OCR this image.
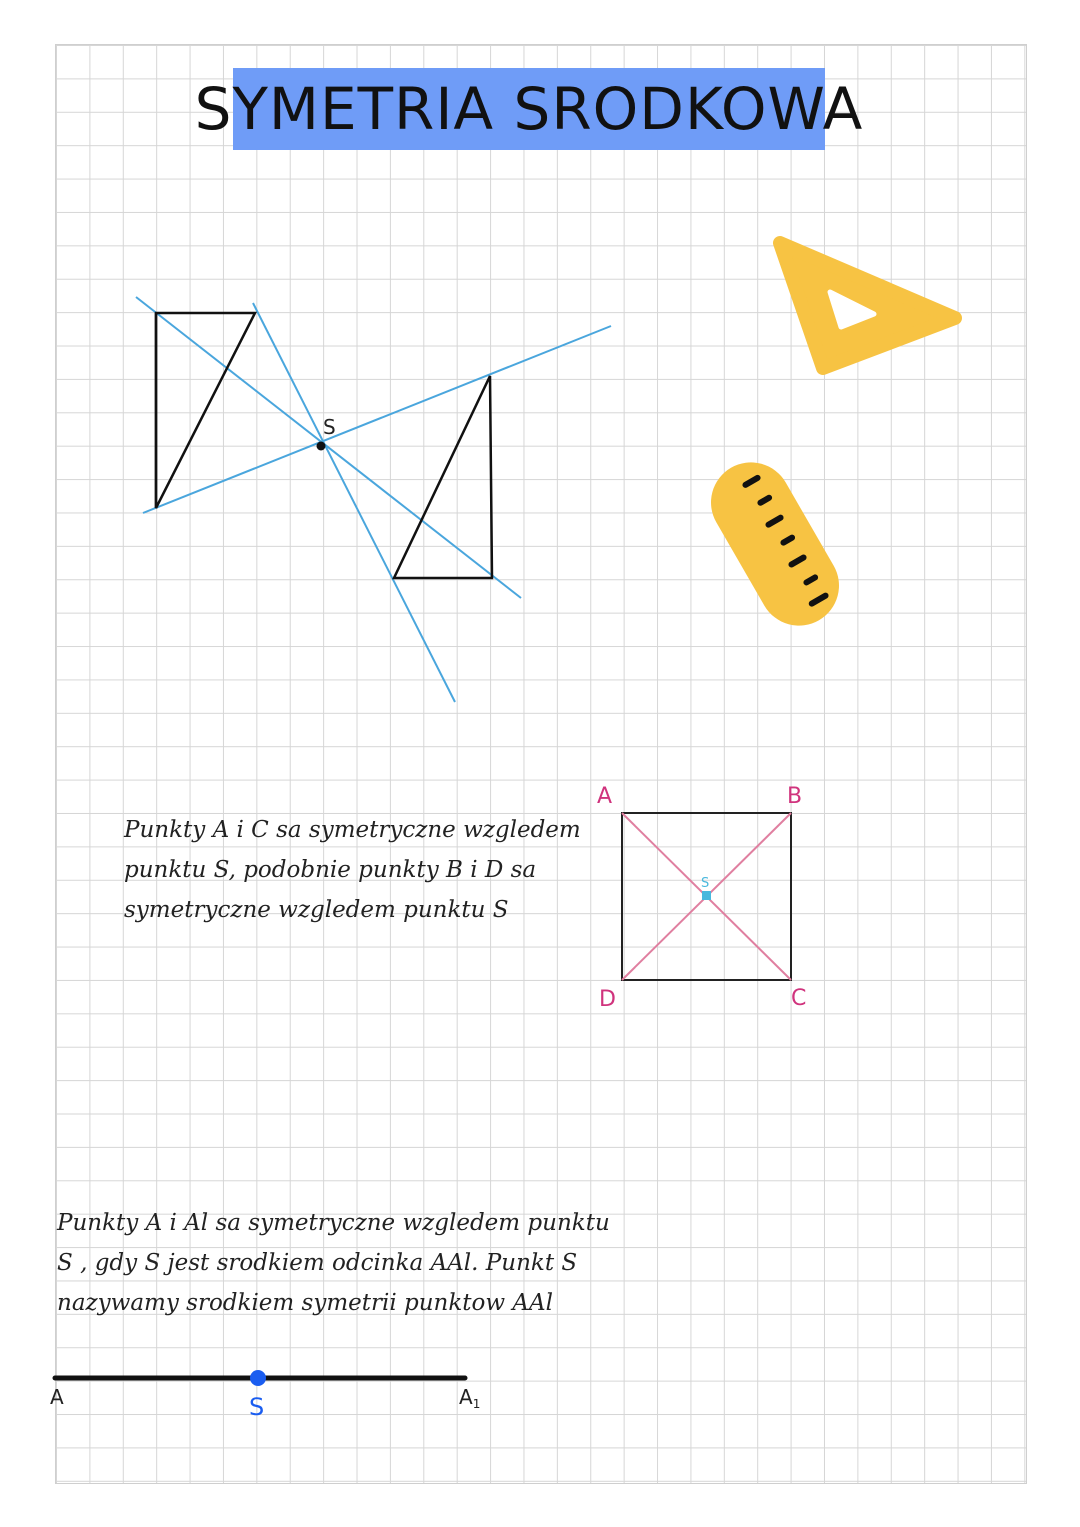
SYMETRIA SRODKOWA
S
S
A	B
C
D
A	S	$A_1$
Punkty A i C sa symetryczne wzgledem
punktu S, podobnie punkty B i D sa
symetryczne wzgledem punktu S
Punkty A i Al sa symetryczne wzgledem punktu
S , gdy S jest srodkiem odcinka AAl. Punkt S
nazywamy srodkiem symetrii punktow AAl
